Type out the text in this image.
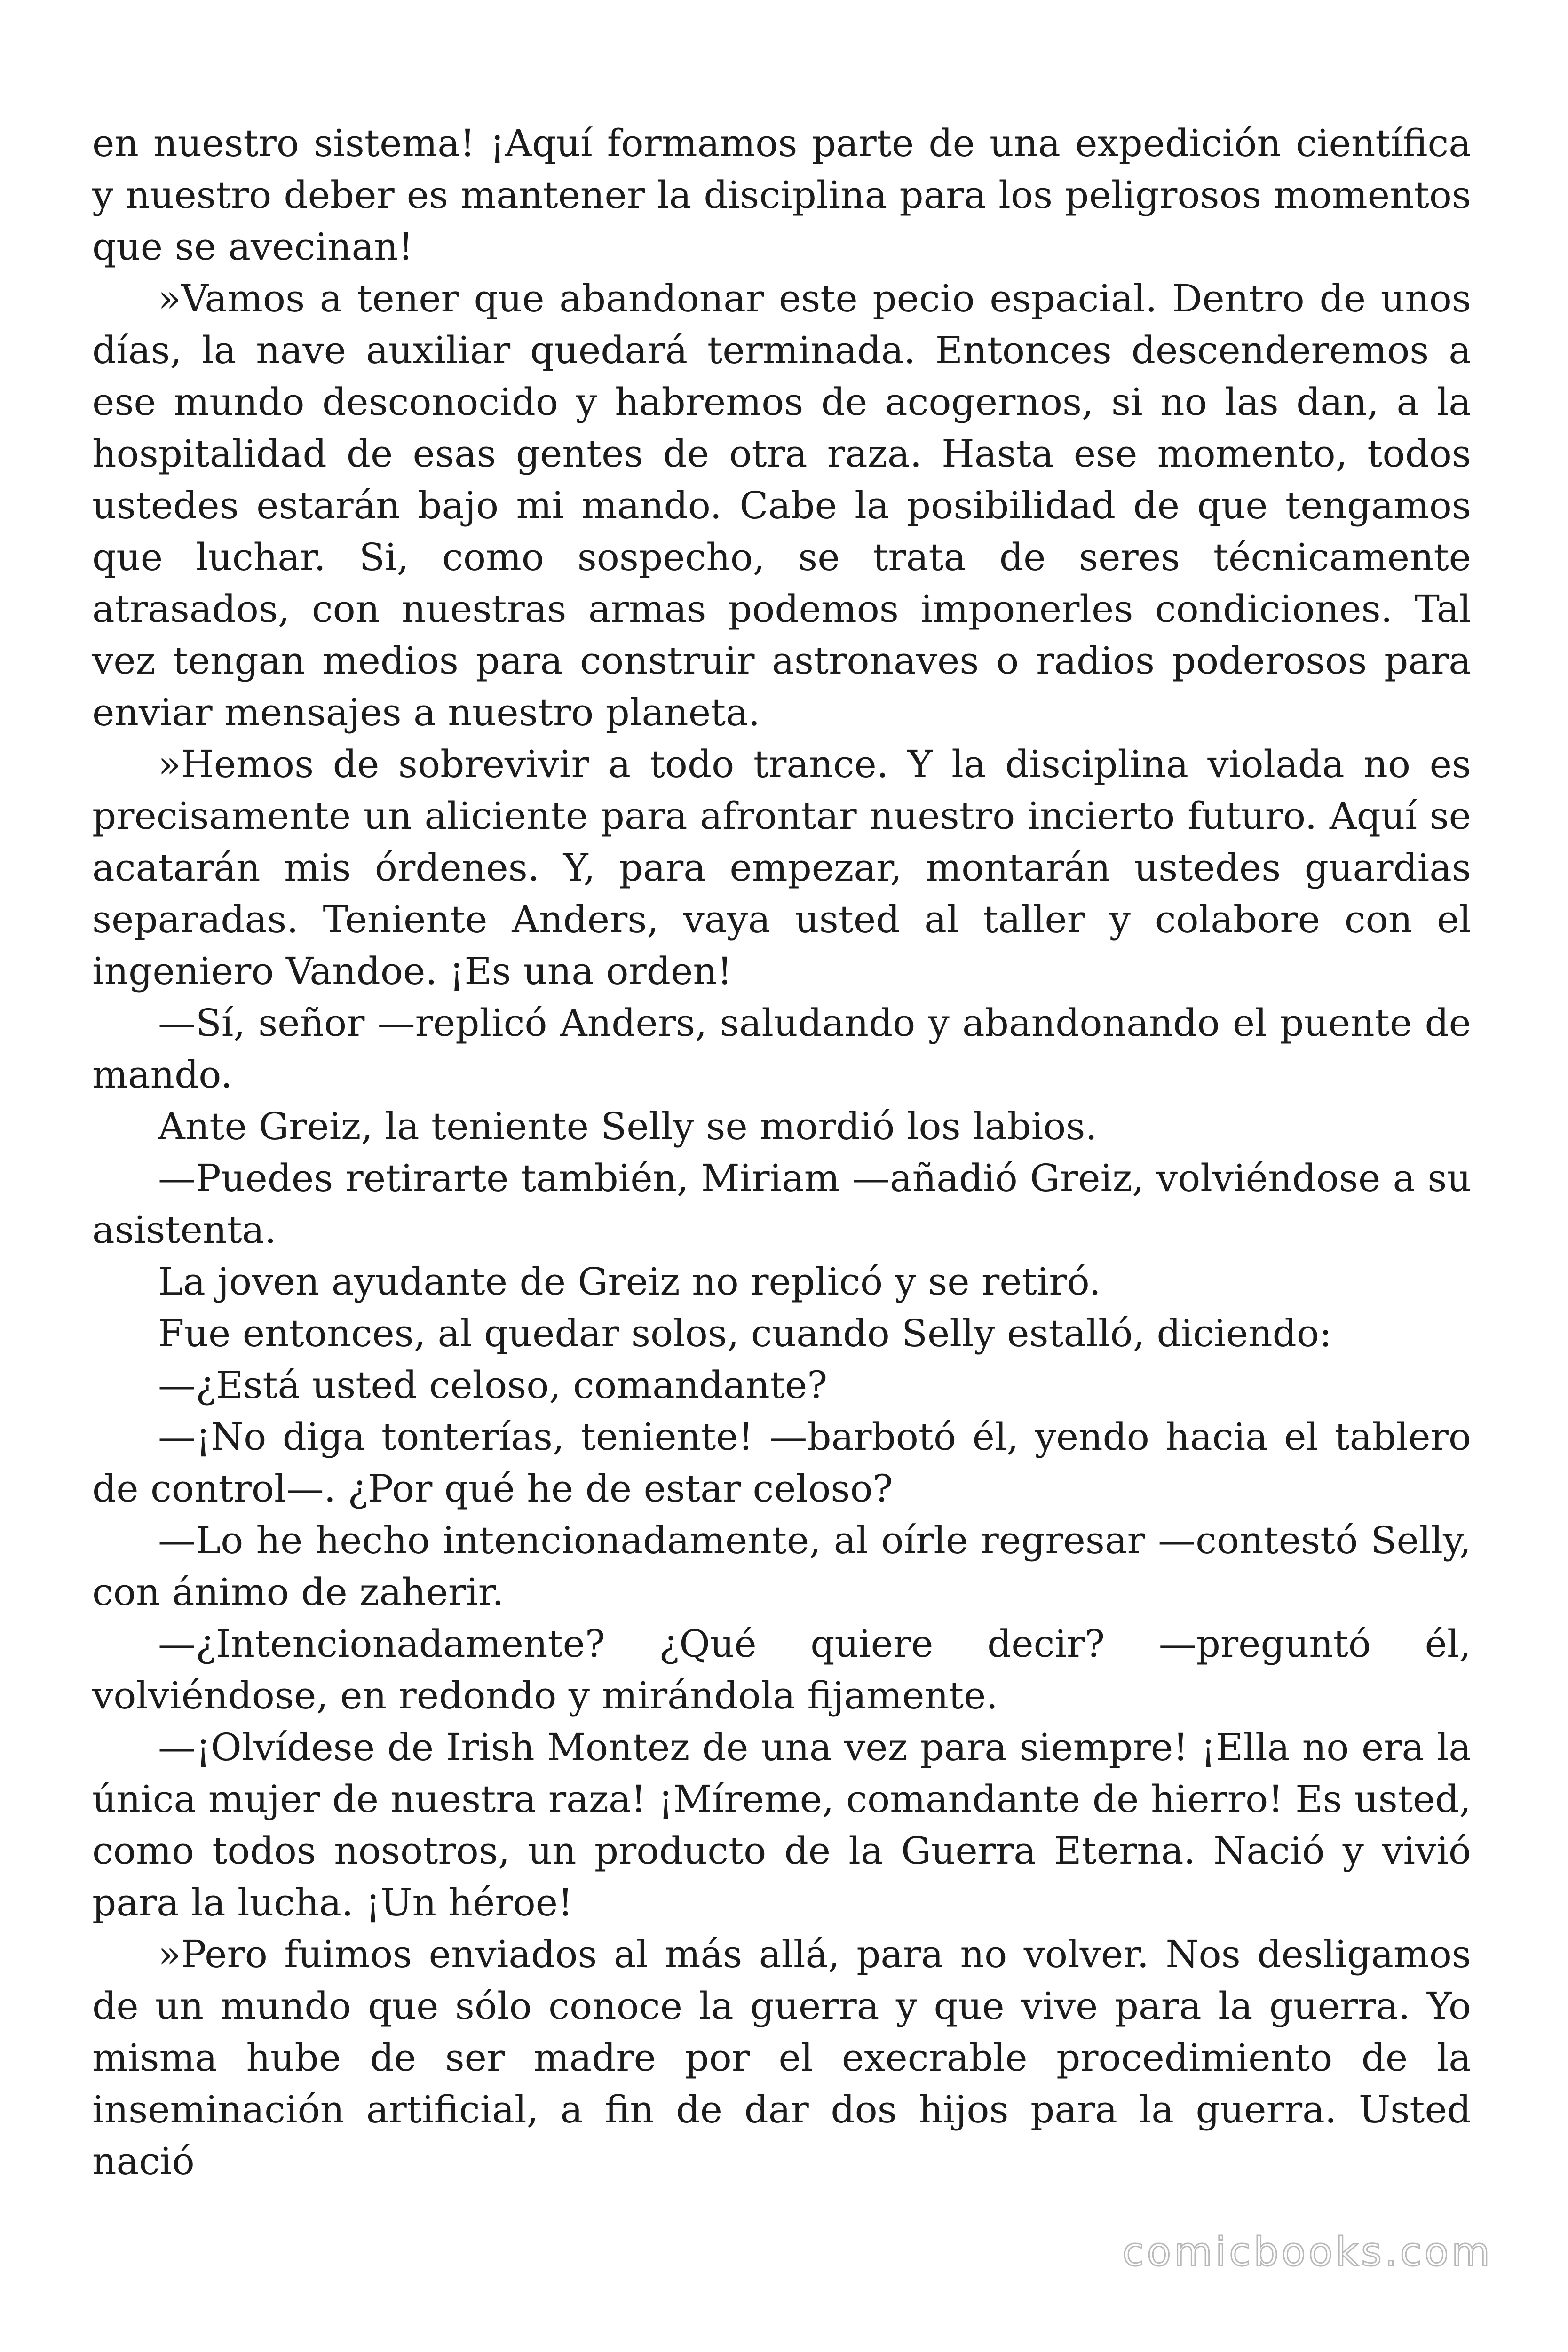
en nuestro sistema! ¡Aquí formamos parte de una expedición científica y nuestro deber es mantener la disciplina para los peligrosos momentos que se avecinan!

»Vamos a tener que abandonar este pecio espacial. Dentro de unos días, la nave auxiliar quedará terminada. Entonces descenderemos a ese mundo desconocido y habremos de acogernos, si no las dan, a la hospitalidad de esas gentes de otra raza. Hasta ese momento, todos ustedes estarán bajo mi mando. Cabe la posibilidad de que tengamos que luchar. Si, como sospecho, se trata de seres técnicamente atrasados, con nuestras armas podemos imponerles condiciones. Tal vez tengan medios para construir astronaves o radios poderosos para enviar mensajes a nuestro planeta.

»Hemos de sobrevivir a todo trance. Y la disciplina violada no es precisamente un aliciente para afrontar nuestro incierto futuro. Aquí se acatarán mis órdenes. Y, para empezar, montarán ustedes guardias separadas. Teniente Anders, vaya usted al taller y colabore con el ingeniero Vandoe. ¡Es una orden!

—Sí, señor —replicó Anders, saludando y abandonando el puente de mando.

Ante Greiz, la teniente Selly se mordió los labios.

—Puedes retirarte también, Miriam —añadió Greiz, volviéndose a su asistenta.

La joven ayudante de Greiz no replicó y se retiró.

Fue entonces, al quedar solos, cuando Selly estalló, diciendo:

—¿Está usted celoso, comandante?

—¡No diga tonterías, teniente! —barbotó él, yendo hacia el tablero de control—. ¿Por qué he de estar celoso?

—Lo he hecho intencionadamente, al oírle regresar —contestó Selly, con ánimo de zaherir.

—¿Intencionadamente? ¿Qué quiere decir? —preguntó él, volviéndose, en redondo y mirándola fijamente.

—¡Olvídese de Irish Montez de una vez para siempre! ¡Ella no era la única mujer de nuestra raza! ¡Míreme, comandante de hierro! Es usted, como todos nosotros, un producto de la Guerra Eterna. Nació y vivió para la lucha. ¡Un héroe!

»Pero fuimos enviados al más allá, para no volver. Nos desligamos de un mundo que sólo conoce la guerra y que vive para la guerra. Yo misma hube de ser madre por el execrable procedimiento de la inseminación artificial, a fin de dar dos hijos para la guerra. Usted nació

comicbooks.com
